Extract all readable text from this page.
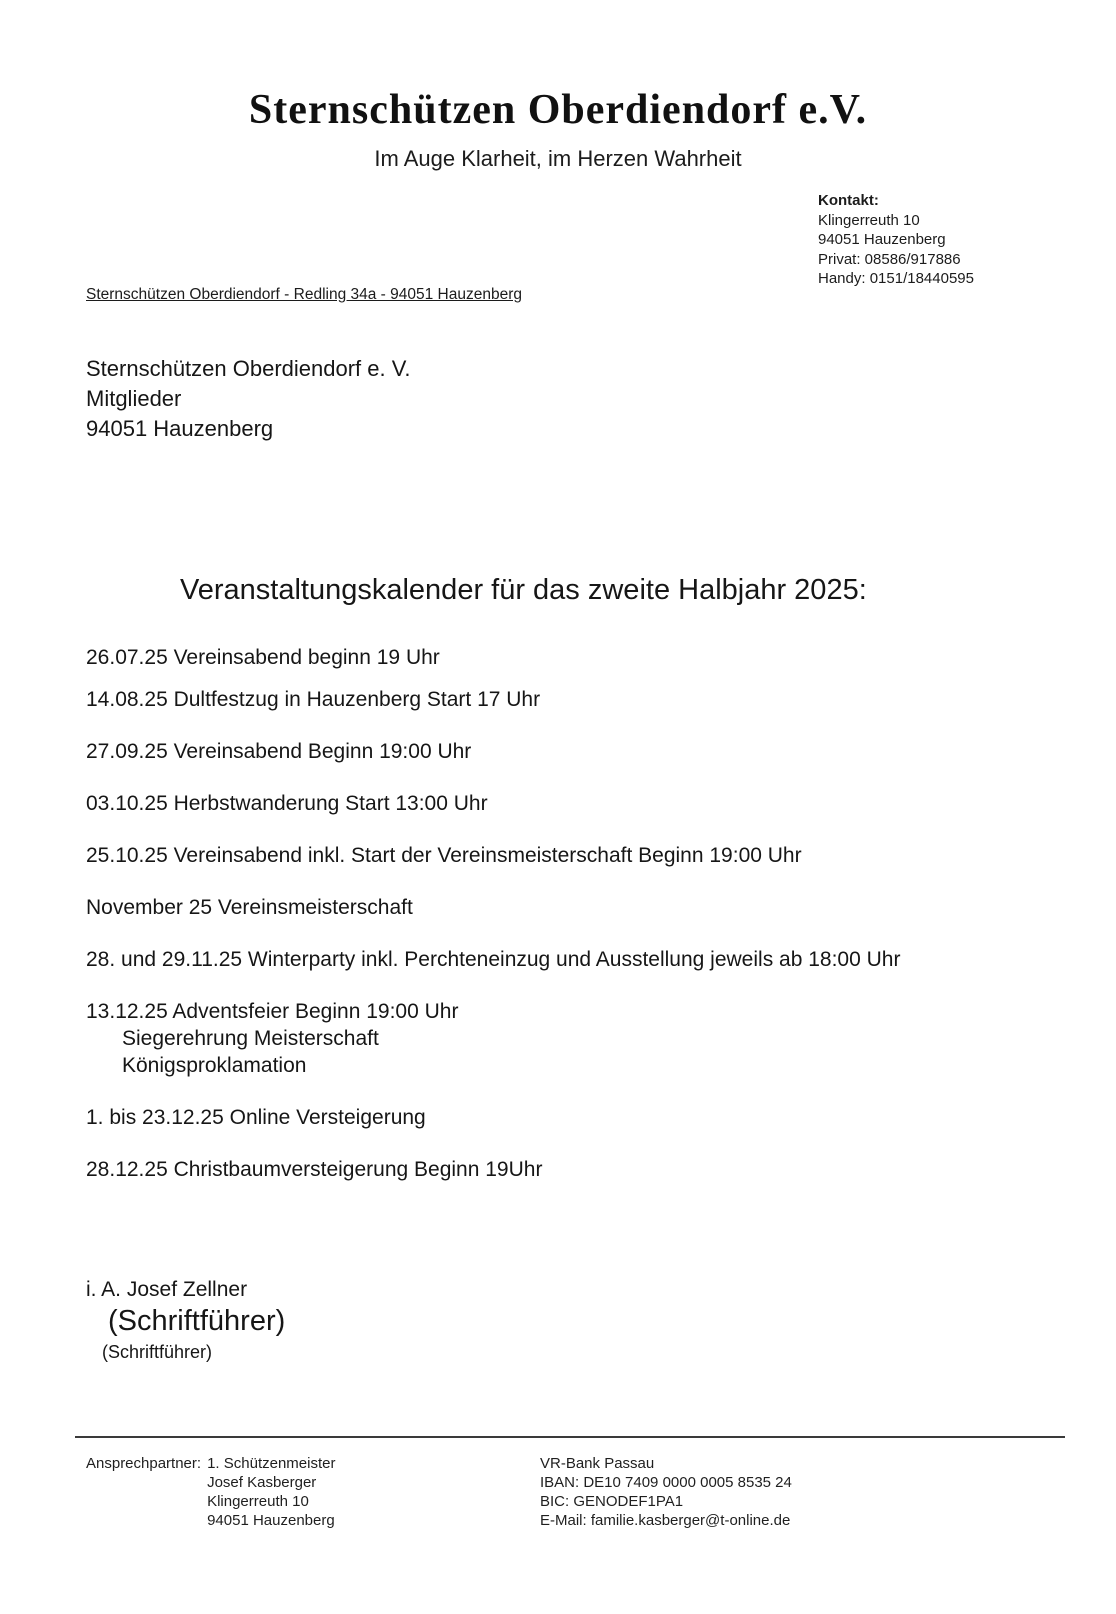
Sternschützen Oberdiendorf e.V.
Im Auge Klarheit, im Herzen Wahrheit
Kontakt:
Klingerreuth 10
94051 Hauzenberg
Privat: 08586/917886
Handy: 0151/18440595
Sternschützen Oberdiendorf - Redling 34a - 94051 Hauzenberg
Sternschützen Oberdiendorf e. V.
Mitglieder
94051 Hauzenberg
Veranstaltungskalender für das zweite Halbjahr 2025:
26.07.25 Vereinsabend beginn 19 Uhr
14.08.25 Dultfestzug in Hauzenberg Start 17 Uhr
27.09.25 Vereinsabend Beginn 19:00 Uhr
03.10.25 Herbstwanderung Start 13:00 Uhr
25.10.25 Vereinsabend inkl. Start der Vereinsmeisterschaft Beginn 19:00 Uhr
November 25 Vereinsmeisterschaft
28. und 29.11.25 Winterparty inkl. Perchteneinzug und Ausstellung jeweils ab 18:00 Uhr
13.12.25 Adventsfeier Beginn 19:00 Uhr
Siegerehrung Meisterschaft
Königsproklamation
1. bis 23.12.25 Online Versteigerung
28.12.25 Christbaumversteigerung Beginn 19Uhr
i. A. Josef Zellner
(Schriftführer)
(Schriftführer)
Ansprechpartner: 1. Schützenmeister
Josef Kasberger
Klingerreuth 10
94051 Hauzenberg
VR-Bank Passau
IBAN: DE10 7409 0000 0005 8535 24
BIC: GENODEF1PA1
E-Mail: familie.kasberger@t-online.de
